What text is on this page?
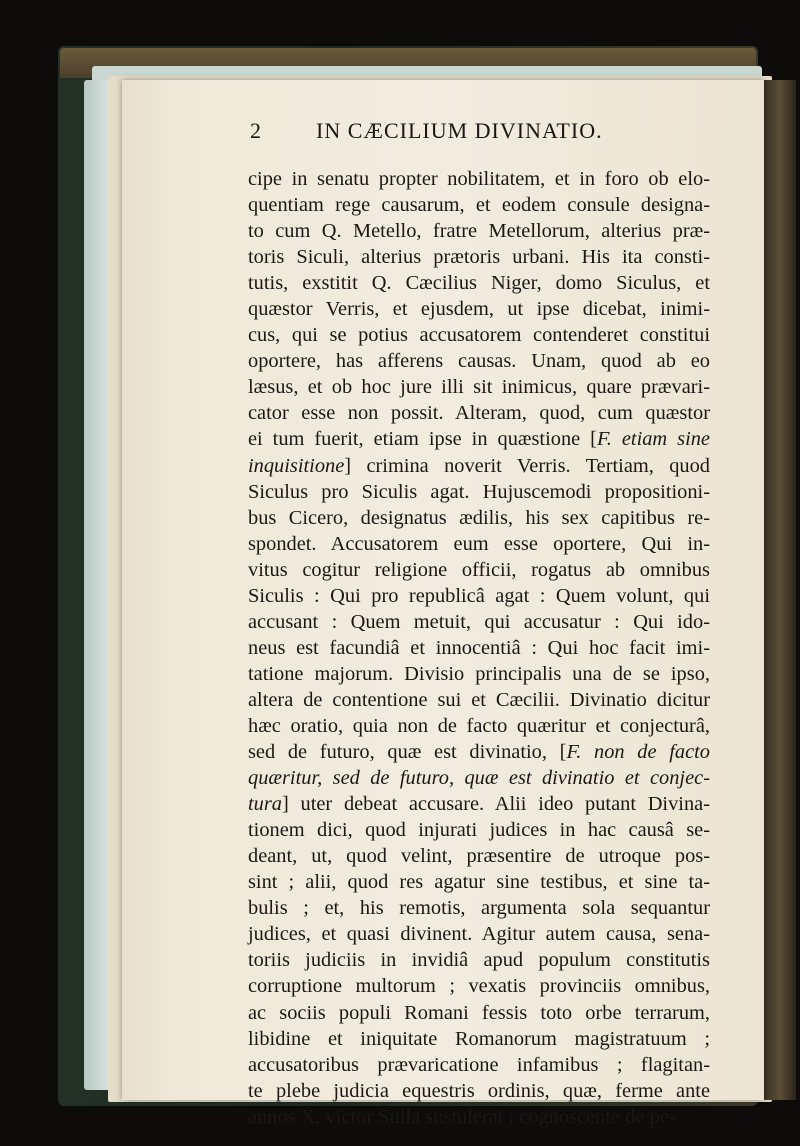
2 IN CÆCILIUM DIVINATIO.
cipe in senatu propter nobilitatem, et in foro ob elo-
quentiam rege causarum, et eodem consule designa-
to cum Q. Metello, fratre Metellorum, alterius præ-
toris Siculi, alterius prætoris urbani. His ita consti-
tutis, exstitit Q. Cæcilius Niger, domo Siculus, et
quæstor Verris, et ejusdem, ut ipse dicebat, inimi-
cus, qui se potius accusatorem contenderet constitui
oportere, has afferens causas. Unam, quod ab eo
læsus, et ob hoc jure illi sit inimicus, quare prævari-
cator esse non possit. Alteram, quod, cum quæstor
ei tum fuerit, etiam ipse in quæstione [F. etiam sine
inquisitione] crimina noverit Verris. Tertiam, quod
Siculus pro Siculis agat. Hujuscemodi propositioni-
bus Cicero, designatus ædilis, his sex capitibus re-
spondet. Accusatorem eum esse oportere, Qui in-
vitus cogitur religione officii, rogatus ab omnibus
Siculis : Qui pro republicâ agat : Quem volunt, qui
accusant : Quem metuit, qui accusatur : Qui ido-
neus est facundiâ et innocentiâ : Qui hoc facit imi-
tatione majorum. Divisio principalis una de se ipso,
altera de contentione sui et Cæcilii. Divinatio dicitur
hæc oratio, quia non de facto quæritur et conjecturâ,
sed de futuro, quæ est divinatio, [F. non de facto
quæritur, sed de futuro, quæ est divinatio et conjec-
tura] uter debeat accusare. Alii ideo putant Divina-
tionem dici, quod injurati judices in hac causâ se-
deant, ut, quod velint, præsentire de utroque pos-
sint ; alii, quod res agatur sine testibus, et sine ta-
bulis ; et, his remotis, argumenta sola sequantur
judices, et quasi divinent. Agitur autem causa, sena-
toriis judiciis in invidiâ apud populum constitutis
corruptione multorum ; vexatis provinciis omnibus,
ac sociis populi Romani fessis toto orbe terrarum,
libidine et iniquitate Romanorum magistratuum ;
accusatoribus prævaricatione infamibus ; flagitan-
te plebe judicia equestris ordinis, quæ, ferme ante
annos X, victor Sulla sustulerat ; cognoscente de pe-
